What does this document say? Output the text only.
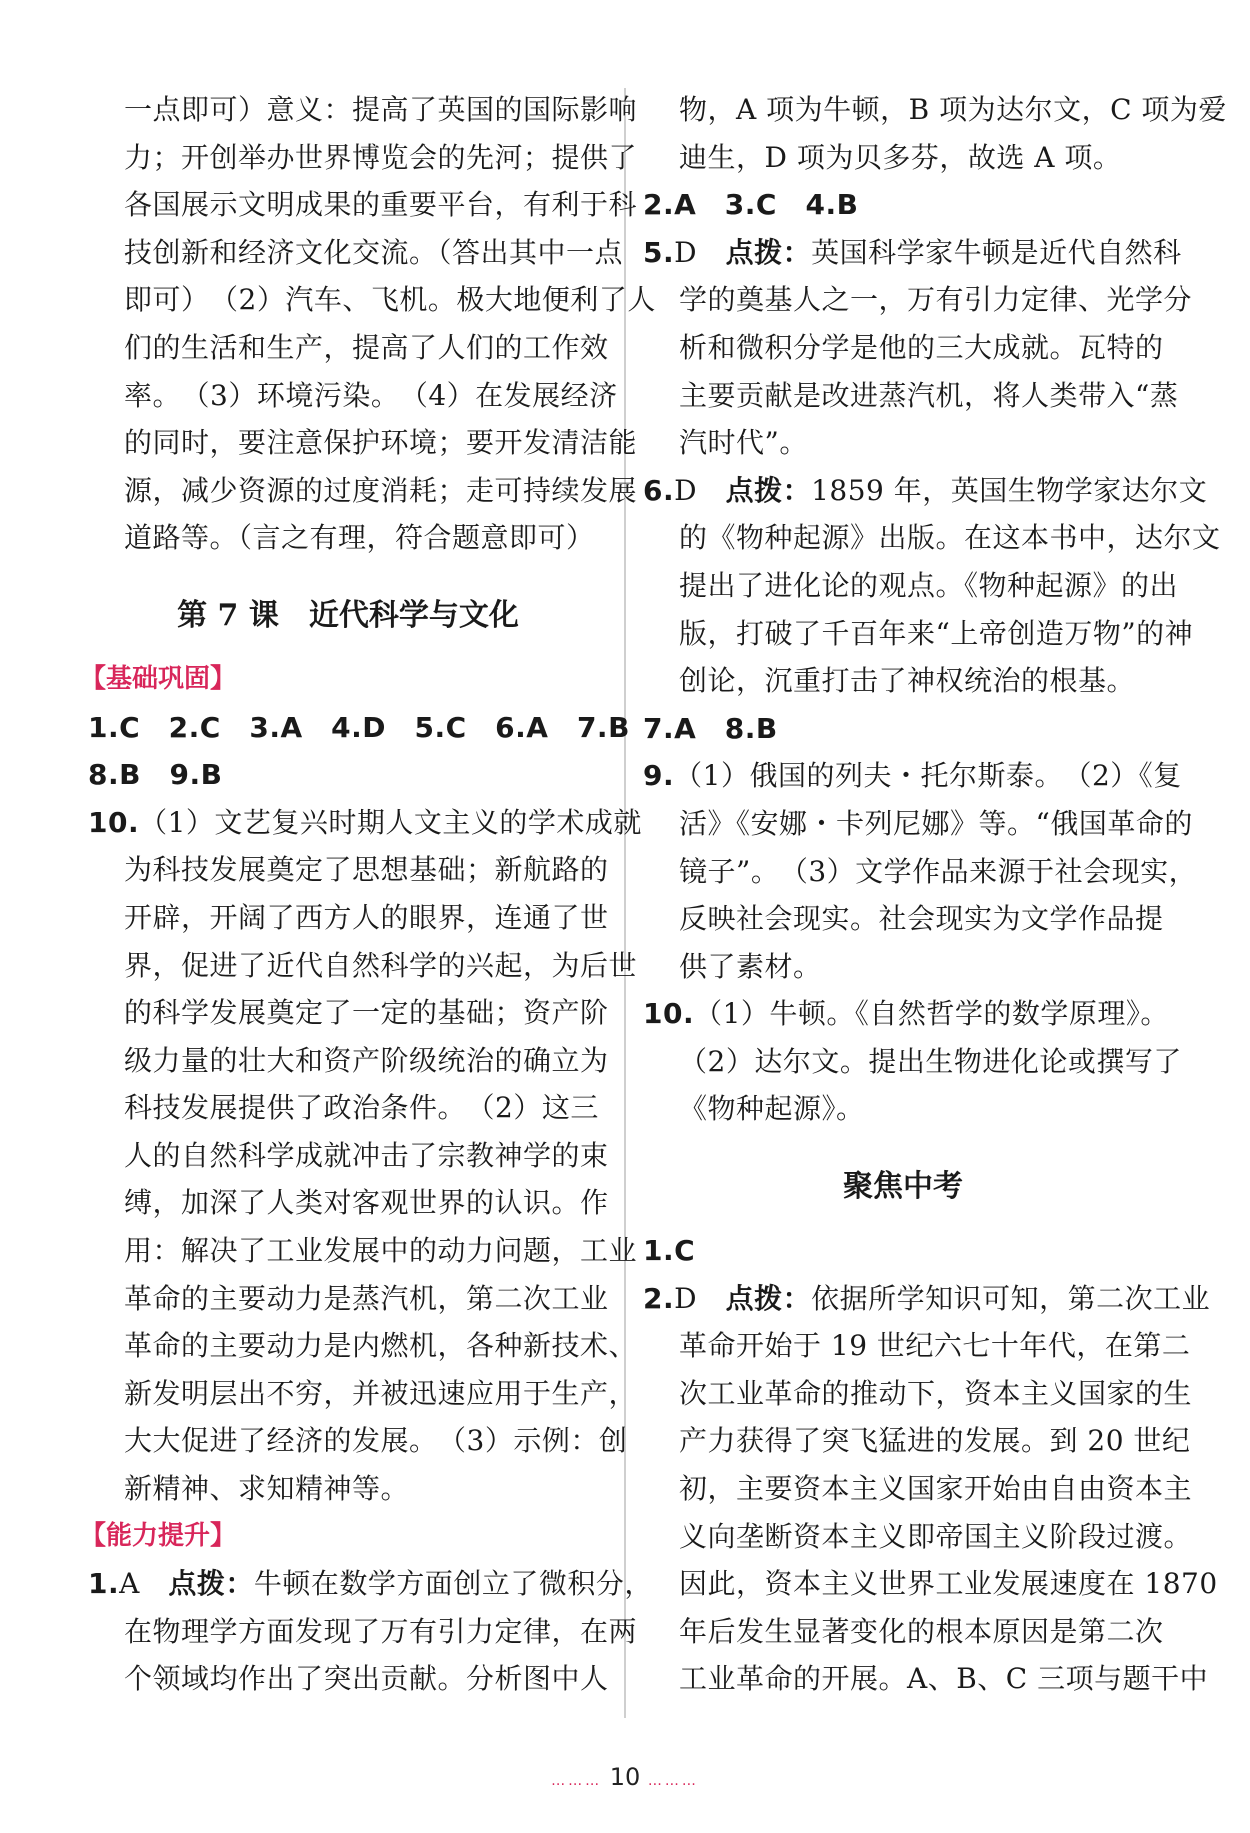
一点即可）意义：提高了英国的国际影响
力；开创举办世界博览会的先河；提供了
各国展示文明成果的重要平台，有利于科
技创新和经济文化交流。（答出其中一点
即可）　（2）汽车、飞机。极大地便利了人
们的生活和生产，提高了人们的工作效
率。　（3）环境污染。　（4）在发展经济
的同时，要注意保护环境；要开发清洁能
源，减少资源的过度消耗；走可持续发展
道路等。（言之有理，符合题意即可）
第 7 课　近代科学与文化
【基础巩固】
1.C　2.C　3.A　4.D　5.C　6.A　7.B
8.B　9.B
10.（1）文艺复兴时期人文主义的学术成就
为科技发展奠定了思想基础；新航路的
开辟，开阔了西方人的眼界，连通了世
界，促进了近代自然科学的兴起，为后世
的科学发展奠定了一定的基础；资产阶
级力量的壮大和资产阶级统治的确立为
科技发展提供了政治条件。　（2）这三
人的自然科学成就冲击了宗教神学的束
缚，加深了人类对客观世界的认识。作
用：解决了工业发展中的动力问题，工业
革命的主要动力是蒸汽机，第二次工业
革命的主要动力是内燃机，各种新技术、
新发明层出不穷，并被迅速应用于生产，
大大促进了经济的发展。　（3）示例：创
新精神、求知精神等。
【能力提升】
1.A　点拨：牛顿在数学方面创立了微积分，
在物理学方面发现了万有引力定律，在两
个领域均作出了突出贡献。分析图中人
物，A 项为牛顿，B 项为达尔文，C 项为爱
迪生，D 项为贝多芬，故选 A 项。
2.A　3.C　4.B
5.D　点拨：英国科学家牛顿是近代自然科
学的奠基人之一，万有引力定律、光学分
析和微积分学是他的三大成就。瓦特的
主要贡献是改进蒸汽机，将人类带入“蒸
汽时代”。
6.D　点拨：1859 年，英国生物学家达尔文
的《物种起源》出版。在这本书中，达尔文
提出了进化论的观点。《物种起源》的出
版，打破了千百年来“上帝创造万物”的神
创论，沉重打击了神权统治的根基。
7.A　8.B
9.（1）俄国的列夫・托尔斯泰。　（2）《复
活》《安娜・卡列尼娜》等。“俄国革命的
镜子”。　（3）文学作品来源于社会现实，
反映社会现实。社会现实为文学作品提
供了素材。
10.（1）牛顿。《自然哲学的数学原理》。
（2）达尔文。提出生物进化论或撰写了
《物种起源》。
聚焦中考
1.C
2.D　点拨：依据所学知识可知，第二次工业
革命开始于 19 世纪六七十年代，在第二
次工业革命的推动下，资本主义国家的生
产力获得了突飞猛进的发展。到 20 世纪
初，主要资本主义国家开始由自由资本主
义向垄断资本主义即帝国主义阶段过渡。
因此，资本主义世界工业发展速度在 1870
年后发生显著变化的根本原因是第二次
工业革命的开展。A、B、C 三项与题干中
……… 10 ………
